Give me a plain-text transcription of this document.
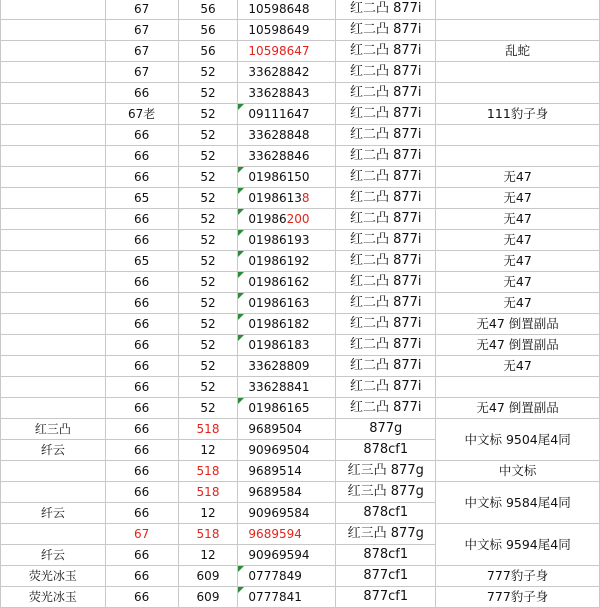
	67	56	10598648	红二凸 877i	
	67	56	10598649	红二凸 877i	
	67	56	10598647	红二凸 877i	乱蛇
	67	52	33628842	红二凸 877i	
	66	52	33628843	红二凸 877i	
	67老	52	09111647	红二凸 877i	111豹子身
	66	52	33628848	红二凸 877i	
	66	52	33628846	红二凸 877i	
	66	52	01986150	红二凸 877i	无47
	65	52	01986138	红二凸 877i	无47
	66	52	01986200	红二凸 877i	无47
	66	52	01986193	红二凸 877i	无47
	65	52	01986192	红二凸 877i	无47
	66	52	01986162	红二凸 877i	无47
	66	52	01986163	红二凸 877i	无47
	66	52	01986182	红二凸 877i	无47 倒置副品
	66	52	01986183	红二凸 877i	无47 倒置副品
	66	52	33628809	红二凸 877i	无47
	66	52	33628841	红二凸 877i	
	66	52	01986165	红二凸 877i	无47 倒置副品
红三凸	66	518	9689504	877g	中文标 9504尾4同
纤云	66	12	90969504	878cf1	
	66	518	9689514	红三凸 877g	中文标
	66	518	9689584	红三凸 877g	中文标 9584尾4同
纤云	66	12	90969584	878cf1	
	67	518	9689594	红三凸 877g	中文标 9594尾4同
纤云	66	12	90969594	878cf1	
荧光冰玉	66	609	0777849	877cf1	777豹子身
荧光冰玉	66	609	0777841	877cf1	777豹子身
